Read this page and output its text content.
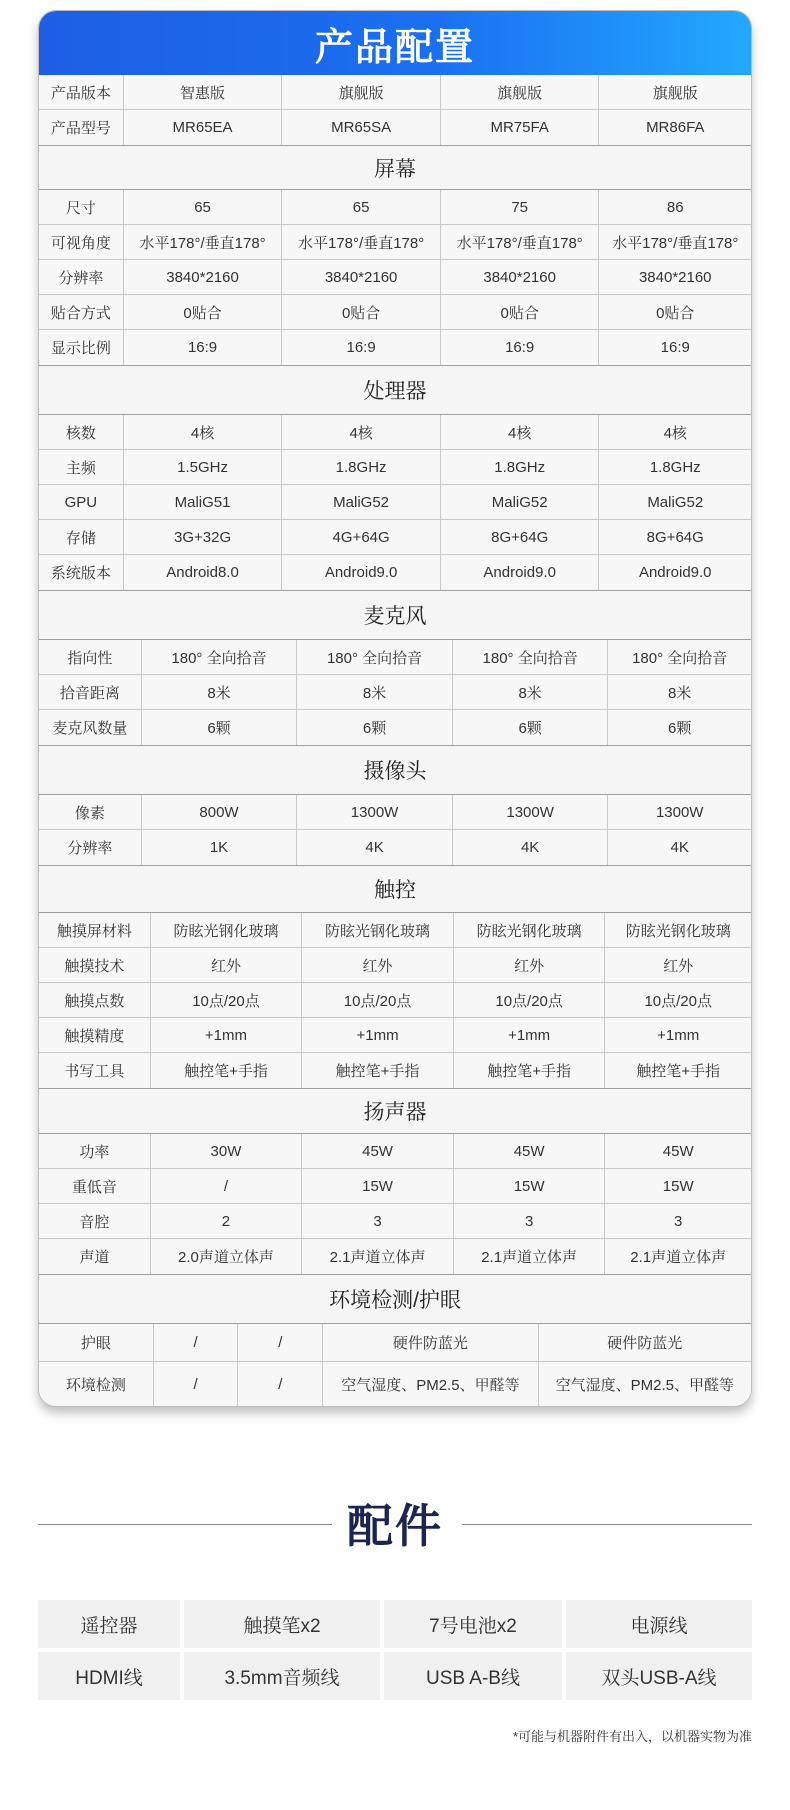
产品配置
产品版本	智惠版	旗舰版	旗舰版	旗舰版
产品型号	MR65EA	MR65SA	MR75FA	MR86FA
屏幕
尺寸	65	65	75	86
可视角度	水平178°/垂直178°	水平178°/垂直178°	水平178°/垂直178°	水平178°/垂直178°
分辨率	3840*2160	3840*2160	3840*2160	3840*2160
贴合方式	0贴合	0贴合	0贴合	0贴合
显示比例	16:9	16:9	16:9	16:9
处理器
核数	4核	4核	4核	4核
主频	1.5GHz	1.8GHz	1.8GHz	1.8GHz
GPU	MaliG51	MaliG52	MaliG52	MaliG52
存储	3G+32G	4G+64G	8G+64G	8G+64G
系统版本	Android8.0	Android9.0	Android9.0	Android9.0
麦克风
指向性	180° 全向拾音	180° 全向拾音	180° 全向拾音	180° 全向拾音
拾音距离	8米	8米	8米	8米
麦克风数量	6颗	6颗	6颗	6颗
摄像头
像素	800W	1300W	1300W	1300W
分辨率	1K	4K	4K	4K
触控
触摸屏材料	防眩光钢化玻璃	防眩光钢化玻璃	防眩光钢化玻璃	防眩光钢化玻璃
触摸技术	红外	红外	红外	红外
触摸点数	10点/20点	10点/20点	10点/20点	10点/20点
触摸精度	+1mm	+1mm	+1mm	+1mm
书写工具	触控笔+手指	触控笔+手指	触控笔+手指	触控笔+手指
扬声器
功率	30W	45W	45W	45W
重低音	/	15W	15W	15W
音腔	2	3	3	3
声道	2.0声道立体声	2.1声道立体声	2.1声道立体声	2.1声道立体声
环境检测/护眼
护眼	/	/	硬件防蓝光	硬件防蓝光
环境检测	/	/	空气湿度、PM2.5、甲醛等	空气湿度、PM2.5、甲醛等
配件
遥控器	触摸笔x2	7号电池x2	电源线
HDMI线	3.5mm音频线	USB A-B线	双头USB-A线
*可能与机器附件有出入，以机器实物为准
